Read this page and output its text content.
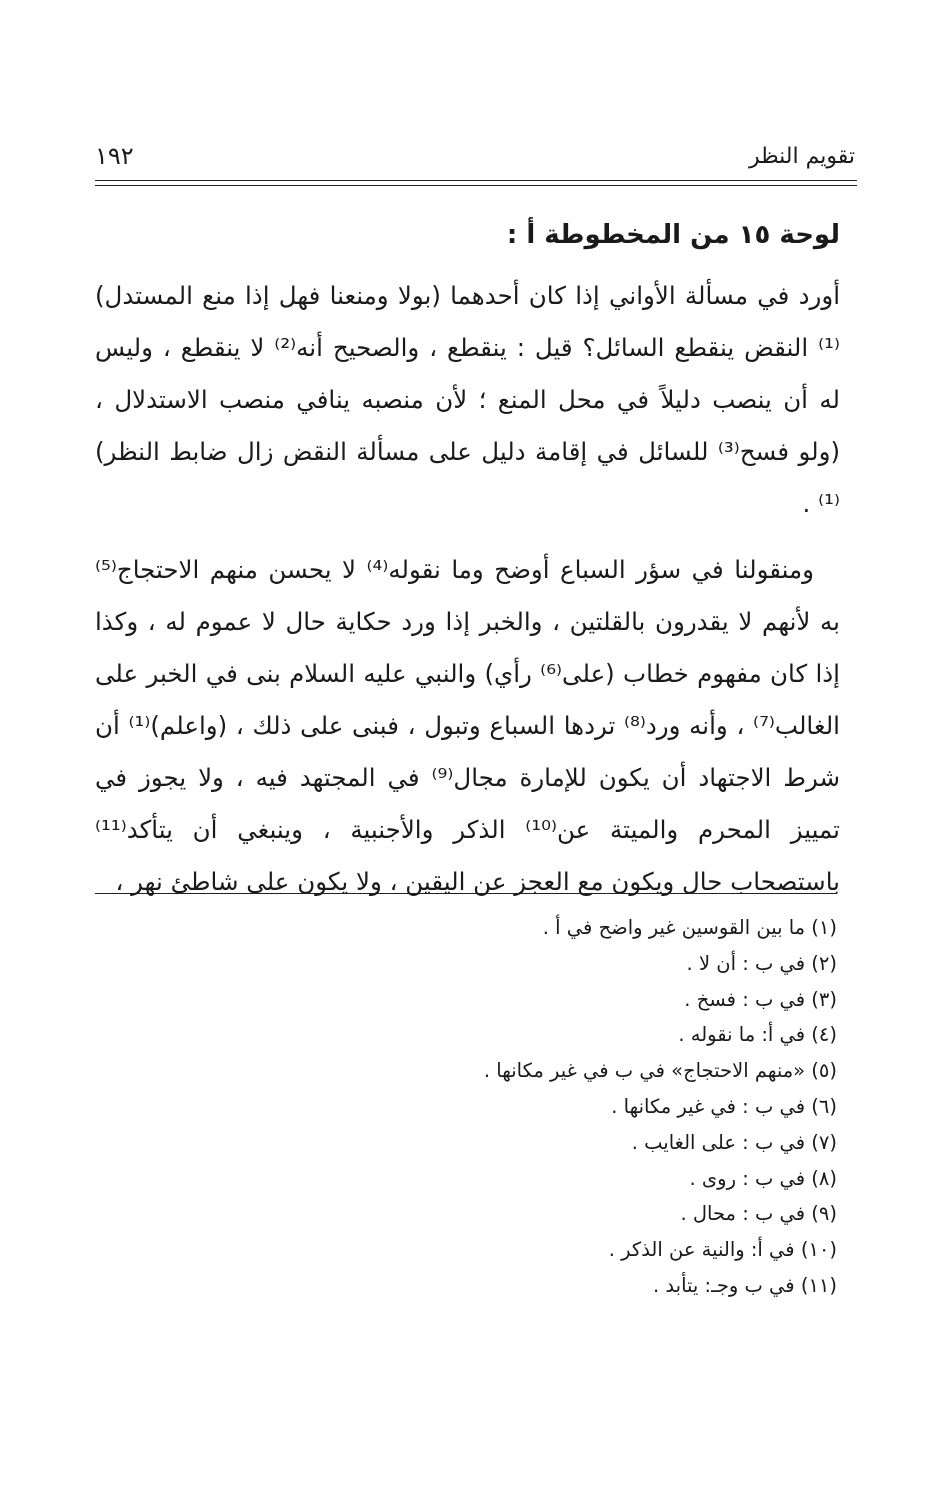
تقويم النظر
١٩٢
لوحة ١٥ من المخطوطة أ :

أورد في مسألة الأواني إذا كان أحدهما (بولا ومنعنا فهل إذا منع المستدل)⁽¹⁾ النقض ينقطع السائل؟ قيل : ينقطع ، والصحيح أنه⁽²⁾ لا ينقطع ، وليس له أن ينصب دليلاً في محل المنع ؛ لأن منصبه ينافي منصب الاستدلال ، (ولو فسح⁽³⁾ للسائل في إقامة دليل على مسألة النقض زال ضابط النظر)⁽¹⁾ .

ومنقولنا في سؤر السباع أوضح وما نقوله⁽⁴⁾ لا يحسن منهم الاحتجاج⁽⁵⁾ به لأنهم لا يقدرون بالقلتين ، والخبر إذا ورد حكاية حال لا عموم له ، وكذا إذا كان مفهوم خطاب (على⁽⁶⁾ رأي) والنبي عليه السلام بنى في الخبر على الغالب⁽⁷⁾ ، وأنه ورد⁽⁸⁾ تردها السباع وتبول ، فبنى على ذلك ، (واعلم)⁽¹⁾ أن شرط الاجتهاد أن يكون للإمارة مجال⁽⁹⁾ في المجتهد فيه ، ولا يجوز في تمييز المحرم والميتة عن⁽¹⁰⁾ الذكر والأجنبية ، وينبغي أن يتأكد⁽¹¹⁾ باستصحاب حال ويكون مع العجز عن اليقين ، ولا يكون على شاطئ نهر ،

(١) ما بين القوسين غير واضح في أ .
(٢) في ب : أن لا .
(٣) في ب : فسخ .
(٤) في أ: ما نقوله .
(٥) «منهم الاحتجاج» في ب في غير مكانها .
(٦) في ب : في غير مكانها .
(٧) في ب : على الغايب .
(٨) في ب : روى .
(٩) في ب : محال .
(١٠) في أ: والنية عن الذكر .
(١١) في ب وجـ: يتأبد .
